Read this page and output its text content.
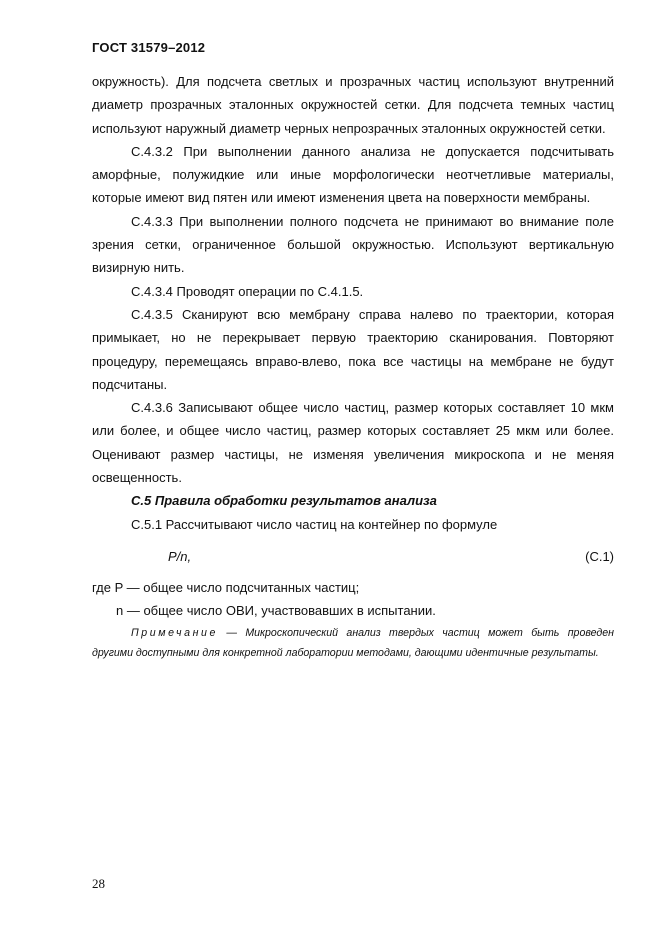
ГОСТ 31579–2012

окружность). Для подсчета светлых и прозрачных частиц используют внутренний диаметр прозрачных эталонных окружностей сетки. Для подсчета темных частиц используют наружный диаметр черных непрозрачных эталонных окружностей сетки.

С.4.3.2 При выполнении данного анализа не допускается подсчитывать аморфные, полужидкие или иные морфологически неотчетливые материалы, которые имеют вид пятен или имеют изменения цвета на поверхности мембраны.

С.4.3.3 При выполнении полного подсчета не принимают во внимание поле зрения сетки, ограниченное большой окружностью. Используют вертикальную визирную нить.

С.4.3.4 Проводят операции по С.4.1.5.

С.4.3.5 Сканируют всю мембрану справа налево по траектории, которая примыкает, но не перекрывает первую траекторию сканирования. Повторяют процедуру, перемещаясь вправо-влево, пока все частицы на мембране не будут подсчитаны.

С.4.3.6 Записывают общее число частиц, размер которых составляет 10 мкм или более, и общее число частиц, размер которых составляет 25 мкм или более. Оценивают размер частицы, не изменяя увеличения микроскопа и не меняя освещенность.

С.5 Правила обработки результатов анализа

С.5.1 Рассчитывают число частиц на контейнер по формуле

P/n,	(С.1)

где P — общее число подсчитанных частиц;

n — общее число ОВИ, участвовавших в испытании.

Примечание — Микроскопический анализ твердых частиц может быть проведен другими доступными для конкретной лаборатории методами, дающими идентичные результаты.

28
